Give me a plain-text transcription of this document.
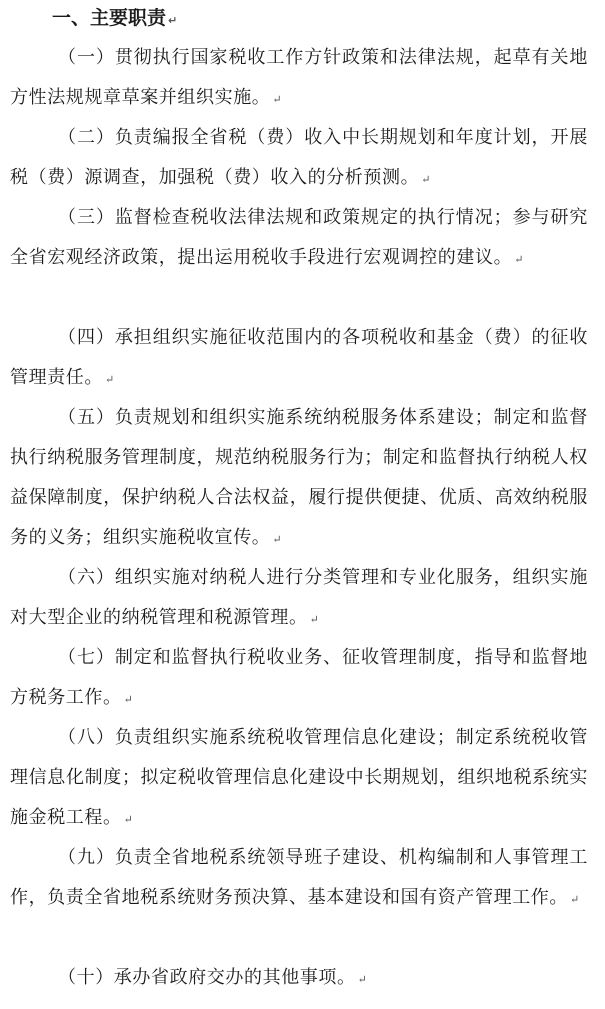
一、主要职责 ↵
（一）贯彻执行国家税收工作方针政策和法律法规，起草有关地方性法规规章草案并组织实施。 ↵
（二）负责编报全省税（费）收入中长期规划和年度计划，开展税（费）源调查，加强税（费）收入的分析预测。 ↵
（三）监督检查税收法律法规和政策规定的执行情况；参与研究全省宏观经济政策，提出运用税收手段进行宏观调控的建议。 ↵
（四）承担组织实施征收范围内的各项税收和基金（费）的征收管理责任。 ↵
（五）负责规划和组织实施系统纳税服务体系建设；制定和监督执行纳税服务管理制度，规范纳税服务行为；制定和监督执行纳税人权益保障制度，保护纳税人合法权益，履行提供便捷、优质、高效纳税服务的义务；组织实施税收宣传。 ↵
（六）组织实施对纳税人进行分类管理和专业化服务，组织实施对大型企业的纳税管理和税源管理。 ↵
（七）制定和监督执行税收业务、征收管理制度，指导和监督地方税务工作。 ↵
（八）负责组织实施系统税收管理信息化建设；制定系统税收管理信息化制度；拟定税收管理信息化建设中长期规划，组织地税系统实施金税工程。 ↵
（九）负责全省地税系统领导班子建设、机构编制和人事管理工作，负责全省地税系统财务预决算、基本建设和国有资产管理工作。 ↵
（十）承办省政府交办的其他事项。 ↵
